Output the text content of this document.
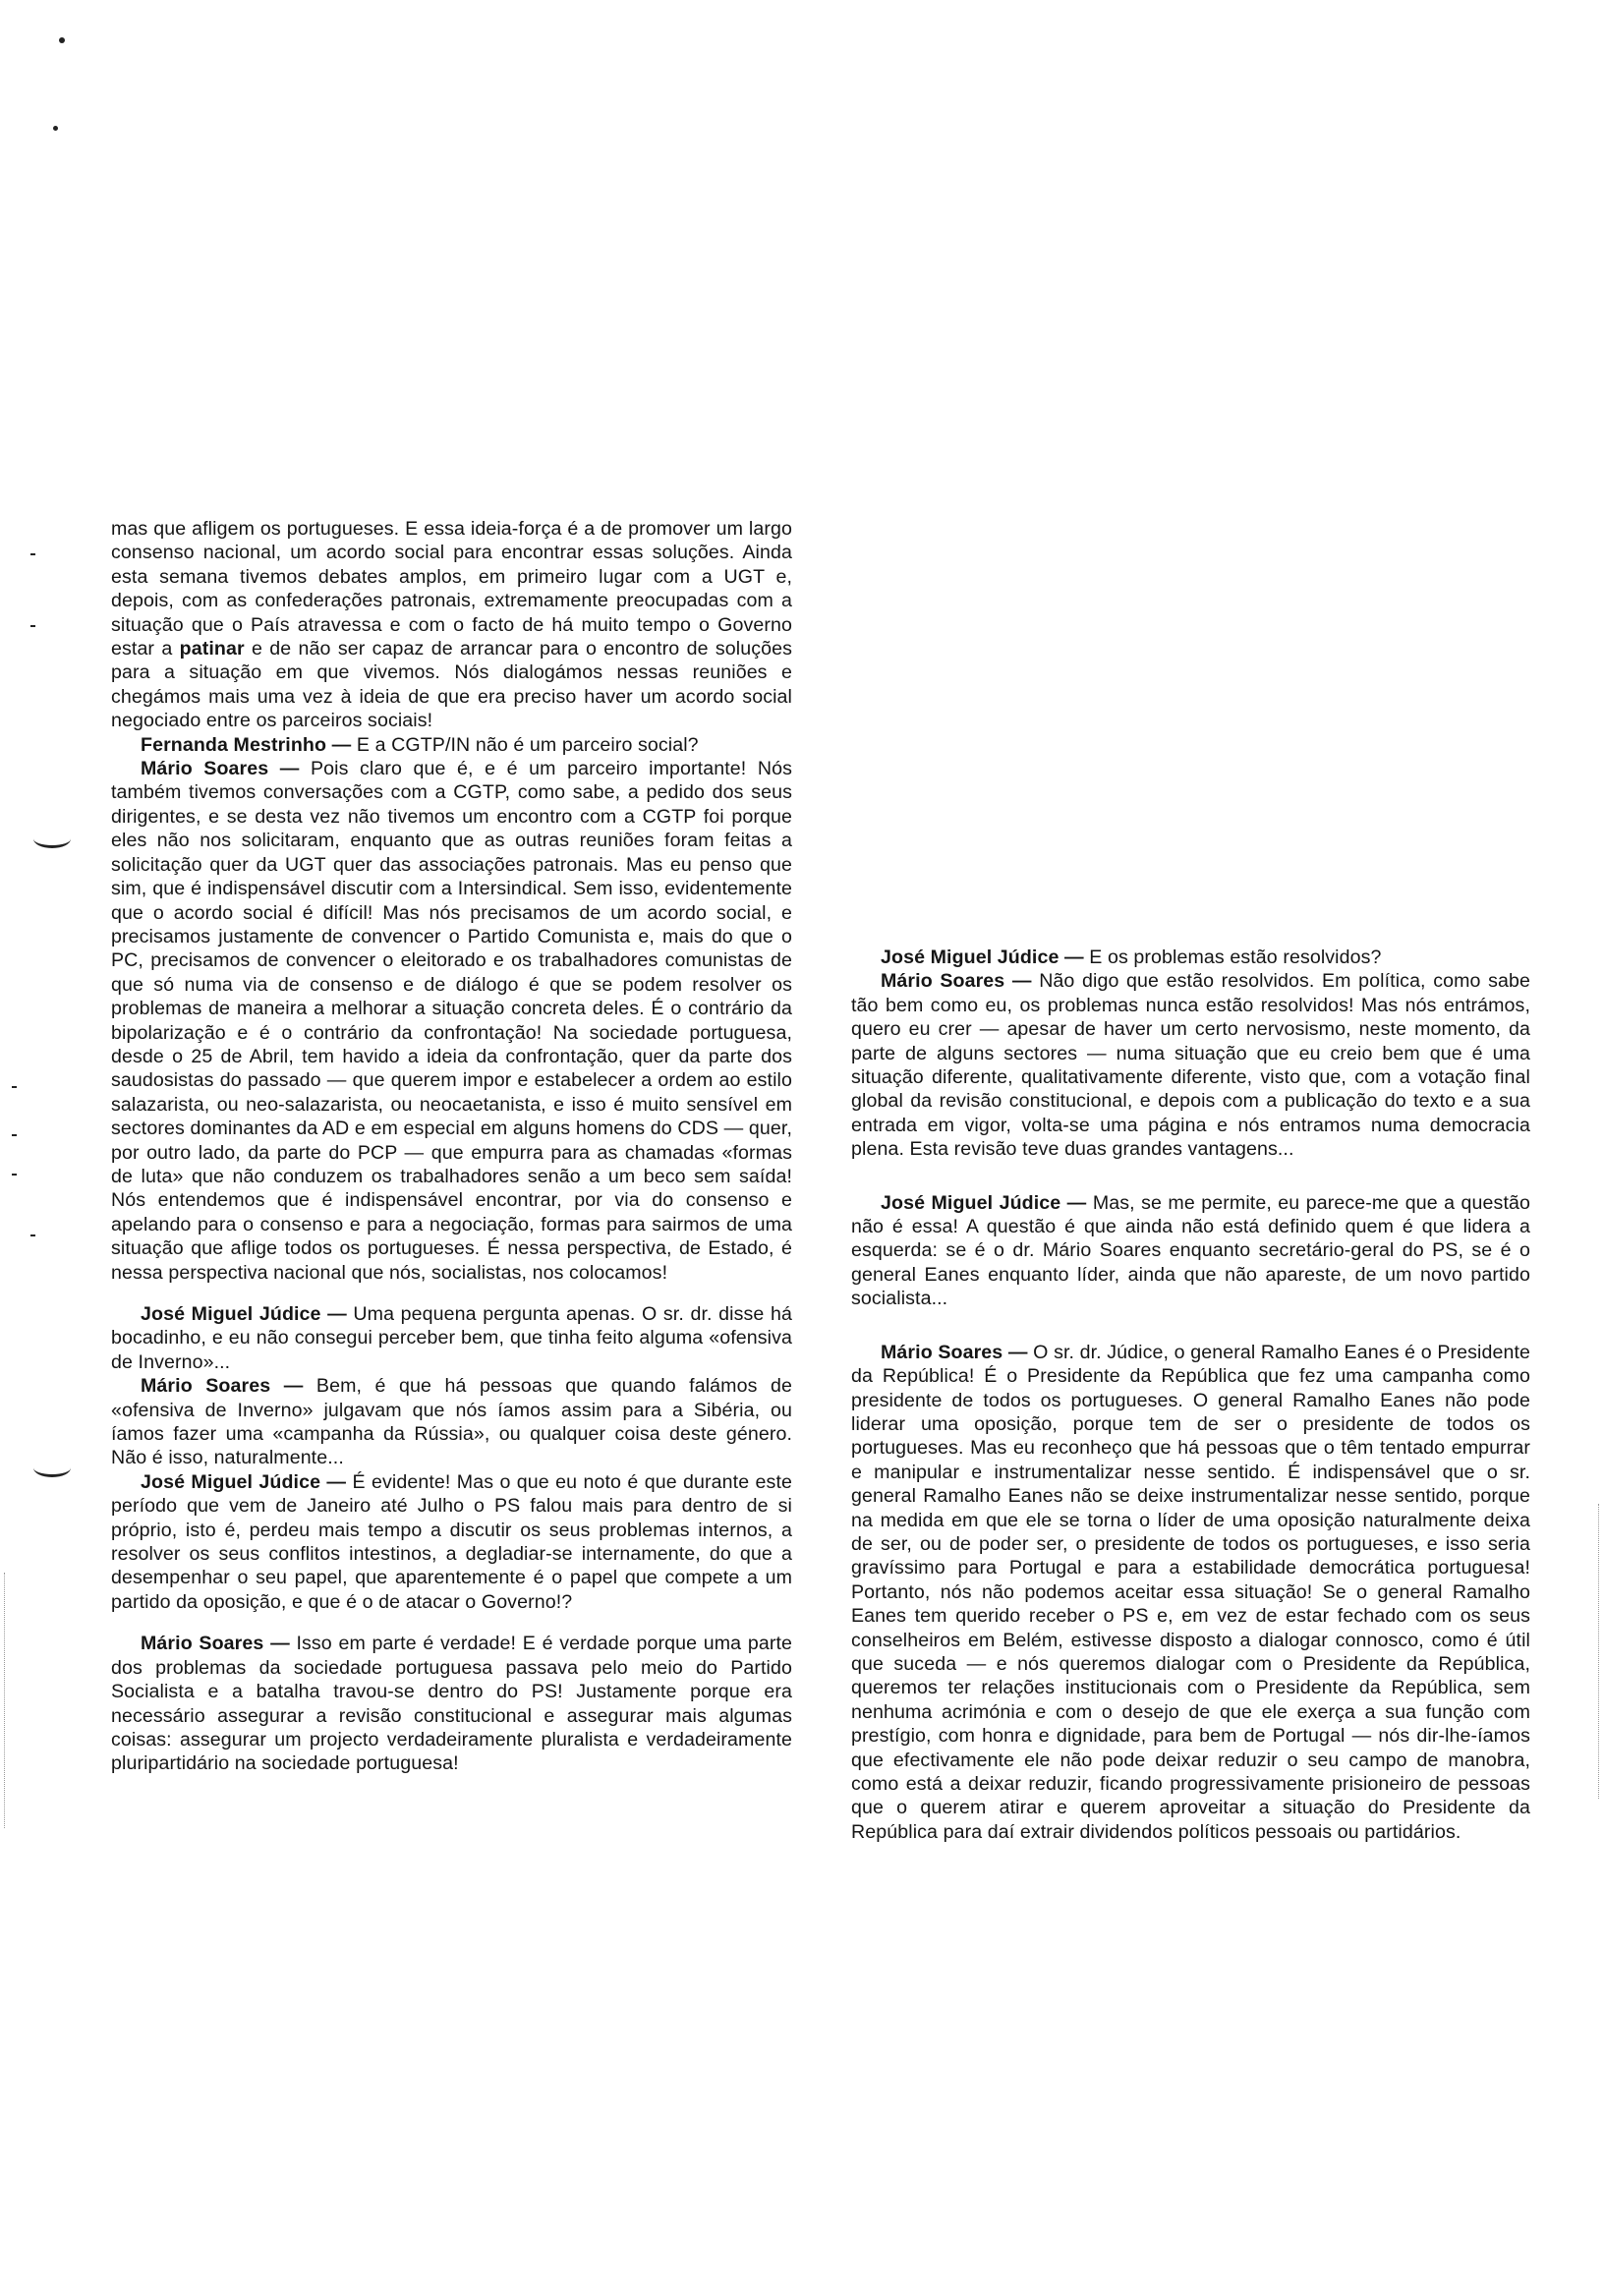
mas que afligem os portugueses. E essa ideia-força é a de promover um largo consenso nacional, um acordo social para encontrar essas soluções. Ainda esta semana tivemos debates amplos, em primeiro lugar com a UGT e, depois, com as confederações patronais, extremamente preocupadas com a situação que o País atravessa e com o facto de há muito tempo o Governo estar a patinar e de não ser capaz de arrancar para o encontro de soluções para a situação em que vivemos. Nós dialogámos nessas reuniões e chegámos mais uma vez à ideia de que era preciso haver um acordo social negociado entre os parceiros sociais!

Fernanda Mestrinho — E a CGTP/IN não é um parceiro social?

Mário Soares — Pois claro que é, e é um parceiro importante! Nós também tivemos conversações com a CGTP, como sabe, a pedido dos seus dirigentes, e se desta vez não tivemos um encontro com a CGTP foi porque eles não nos solicitaram, enquanto que as outras reuniões foram feitas a solicitação quer da UGT quer das associações patronais. Mas eu penso que sim, que é indispensável discutir com a Intersindical. Sem isso, evidentemente que o acordo social é difícil! Mas nós precisamos de um acordo social, e precisamos justamente de convencer o Partido Comunista e, mais do que o PC, precisamos de convencer o eleitorado e os trabalhadores comunistas de que só numa via de consenso e de diálogo é que se podem resolver os problemas de maneira a melhorar a situação concreta deles. É o contrário da bipolarização e é o contrário da confrontação! Na sociedade portuguesa, desde o 25 de Abril, tem havido a ideia da confrontação, quer da parte dos saudosistas do passado — que querem impor e estabelecer a ordem ao estilo salazarista, ou neo-salazarista, ou neocaetanista, e isso é muito sensível em sectores dominantes da AD e em especial em alguns homens do CDS — quer, por outro lado, da parte do PCP — que empurra para as chamadas «formas de luta» que não conduzem os trabalhadores senão a um beco sem saída! Nós entendemos que é indispensável encontrar, por via do consenso e apelando para o consenso e para a negociação, formas para sairmos de uma situação que aflige todos os portugueses. É nessa perspectiva, de Estado, é nessa perspectiva nacional que nós, socialistas, nos colocamos!

José Miguel Júdice — Uma pequena pergunta apenas. O sr. dr. disse há bocadinho, e eu não consegui perceber bem, que tinha feito alguma «ofensiva de Inverno»...

Mário Soares — Bem, é que há pessoas que quando falámos de «ofensiva de Inverno» julgavam que nós íamos assim para a Sibéria, ou íamos fazer uma «campanha da Rússia», ou qualquer coisa deste género. Não é isso, naturalmente...

José Miguel Júdice — É evidente! Mas o que eu noto é que durante este período que vem de Janeiro até Julho o PS falou mais para dentro de si próprio, isto é, perdeu mais tempo a discutir os seus problemas internos, a resolver os seus conflitos intestinos, a degladiar-se internamente, do que a desempenhar o seu papel, que aparentemente é o papel que compete a um partido da oposição, e que é o de atacar o Governo!?

Mário Soares — Isso em parte é verdade! E é verdade porque uma parte dos problemas da sociedade portuguesa passava pelo meio do Partido Socialista e a batalha travou-se dentro do PS! Justamente porque era necessário assegurar a revisão constitucional e assegurar mais algumas coisas: assegurar um projecto verdadeiramente pluralista e verdadeiramente pluripartidário na sociedade portuguesa!

José Miguel Júdice — E os problemas estão resolvidos?

Mário Soares — Não digo que estão resolvidos. Em política, como sabe tão bem como eu, os problemas nunca estão resolvidos! Mas nós entrámos, quero eu crer — apesar de haver um certo nervosismo, neste momento, da parte de alguns sectores — numa situação que eu creio bem que é uma situação diferente, qualitativamente diferente, visto que, com a votação final global da revisão constitucional, e depois com a publicação do texto e a sua entrada em vigor, volta-se uma página e nós entramos numa democracia plena. Esta revisão teve duas grandes vantagens...

José Miguel Júdice — Mas, se me permite, eu parece-me que a questão não é essa! A questão é que ainda não está definido quem é que lidera a esquerda: se é o dr. Mário Soares enquanto secretário-geral do PS, se é o general Eanes enquanto líder, ainda que não apareste, de um novo partido socialista...

Mário Soares — O sr. dr. Júdice, o general Ramalho Eanes é o Presidente da República! É o Presidente da República que fez uma campanha como presidente de todos os portugueses. O general Ramalho Eanes não pode liderar uma oposição, porque tem de ser o presidente de todos os portugueses. Mas eu reconheço que há pessoas que o têm tentado empurrar e manipular e instrumentalizar nesse sentido. É indispensável que o sr. general Ramalho Eanes não se deixe instrumentalizar nesse sentido, porque na medida em que ele se torna o líder de uma oposição naturalmente deixa de ser, ou de poder ser, o presidente de todos os portugueses, e isso seria gravíssimo para Portugal e para a estabilidade democrática portuguesa! Portanto, nós não podemos aceitar essa situação! Se o general Ramalho Eanes tem querido receber o PS e, em vez de estar fechado com os seus conselheiros em Belém, estivesse disposto a dialogar connosco, como é útil que suceda — e nós queremos dialogar com o Presidente da República, queremos ter relações institucionais com o Presidente da República, sem nenhuma acrimónia e com o desejo de que ele exerça a sua função com prestígio, com honra e dignidade, para bem de Portugal — nós dir-lhe-íamos que efectivamente ele não pode deixar reduzir o seu campo de manobra, como está a deixar reduzir, ficando progressivamente prisioneiro de pessoas que o querem atirar e querem aproveitar a situação do Presidente da República para daí extrair dividendos políticos pessoais ou partidários.
